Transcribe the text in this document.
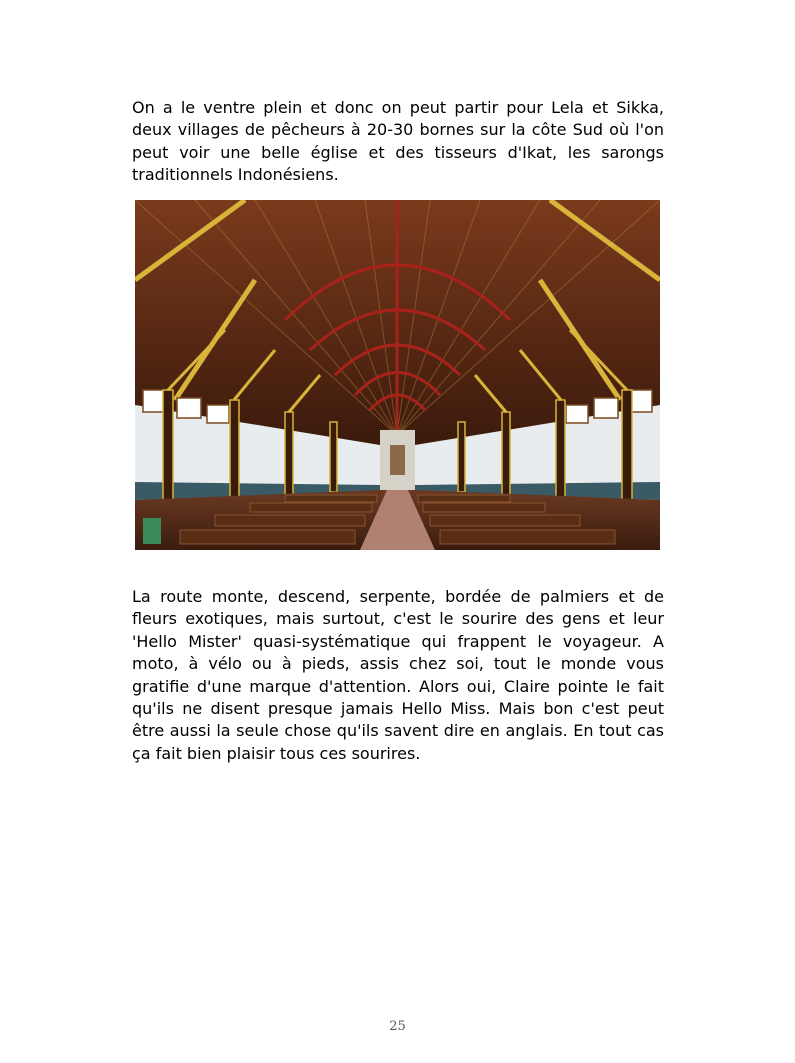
On a le ventre plein et donc on peut partir pour Lela et Sikka, deux villages de pêcheurs à 20-30 bornes sur la côte Sud où l'on peut voir une belle église et des tisseurs d'Ikat, les sarongs traditionnels Indonésiens.

La route monte, descend, serpente, bordée de palmiers et de fleurs exotiques, mais surtout, c'est le sourire des gens et leur 'Hello Mister' quasi-systématique qui frappent le voyageur. A moto, à vélo ou à pieds, assis chez soi, tout le monde vous gratifie d'une marque d'attention. Alors oui, Claire pointe le fait qu'ils ne disent presque jamais Hello Miss. Mais bon c'est peut être aussi la seule chose qu'ils savent dire en anglais. En tout cas ça fait bien plaisir tous ces sourires.

25
